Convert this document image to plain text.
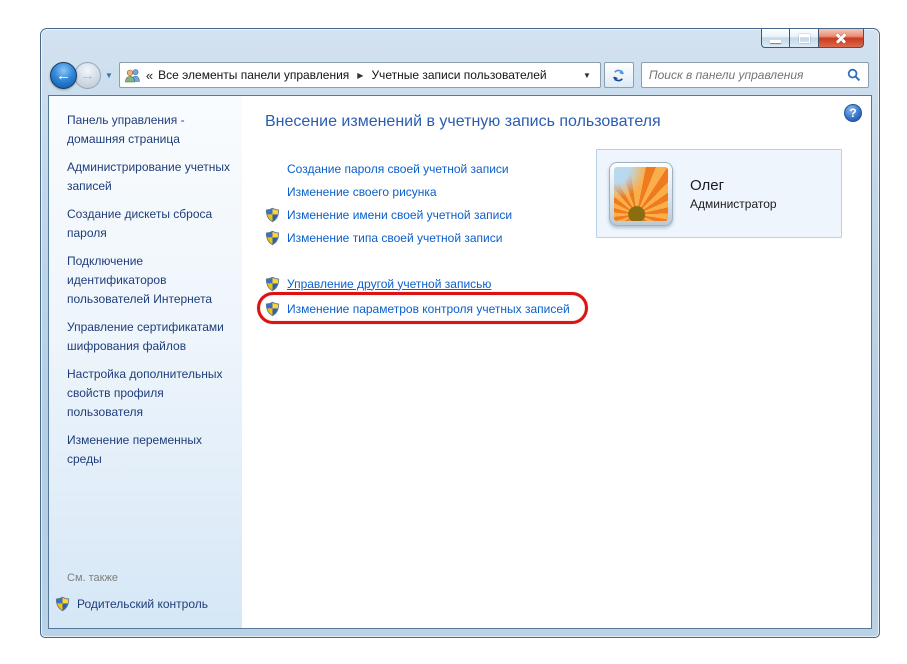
← → ▼	« Все элементы панели управления ▶ Учетные записи пользователей	▼
Поиск в панели управления
Панель управления - домашняя страница
Администрирование учетных записей
Создание дискеты сброса пароля
Подключение идентификаторов пользователей Интернета
Управление сертификатами шифрования файлов
Настройка дополнительных свойств профиля пользователя
Изменение переменных среды
См. также
Родительский контроль
?
Внесение изменений в учетную запись пользователя
Создание пароля своей учетной записи
Изменение своего рисунка
Изменение имени своей учетной записи
Изменение типа своей учетной записи
Управление другой учетной записью
Изменение параметров контроля учетных записей
Олег
Администратор
